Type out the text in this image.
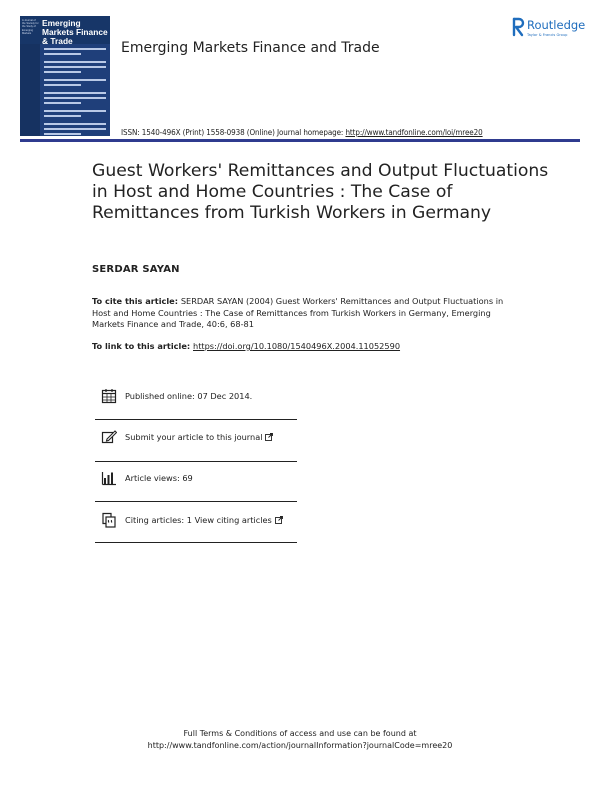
A Journal of the Society for the Study of Emerging Markets
Emerging Markets Finance & Trade	Emerging Markets Finance and Trade
ISSN: 1540-496X (Print) 1558-0938 (Online) Journal homepage: http://www.tandfonline.com/loi/mree20
Routledge
Taylor & Francis Group
Guest Workers' Remittances and Output Fluctuations in Host and Home Countries : The Case of Remittances from Turkish Workers in Germany
SERDAR SAYAN
To cite this article: SERDAR SAYAN (2004) Guest Workers' Remittances and Output Fluctuations in Host and Home Countries : The Case of Remittances from Turkish Workers in Germany, Emerging Markets Finance and Trade, 40:6, 68-81
To link to this article: https://doi.org/10.1080/1540496X.2004.11052590
Published online: 07 Dec 2014.
Submit your article to this journal
Article views: 69
Citing articles: 1 View citing articles
Full Terms & Conditions of access and use can be found at
http://www.tandfonline.com/action/journalInformation?journalCode=mree20
